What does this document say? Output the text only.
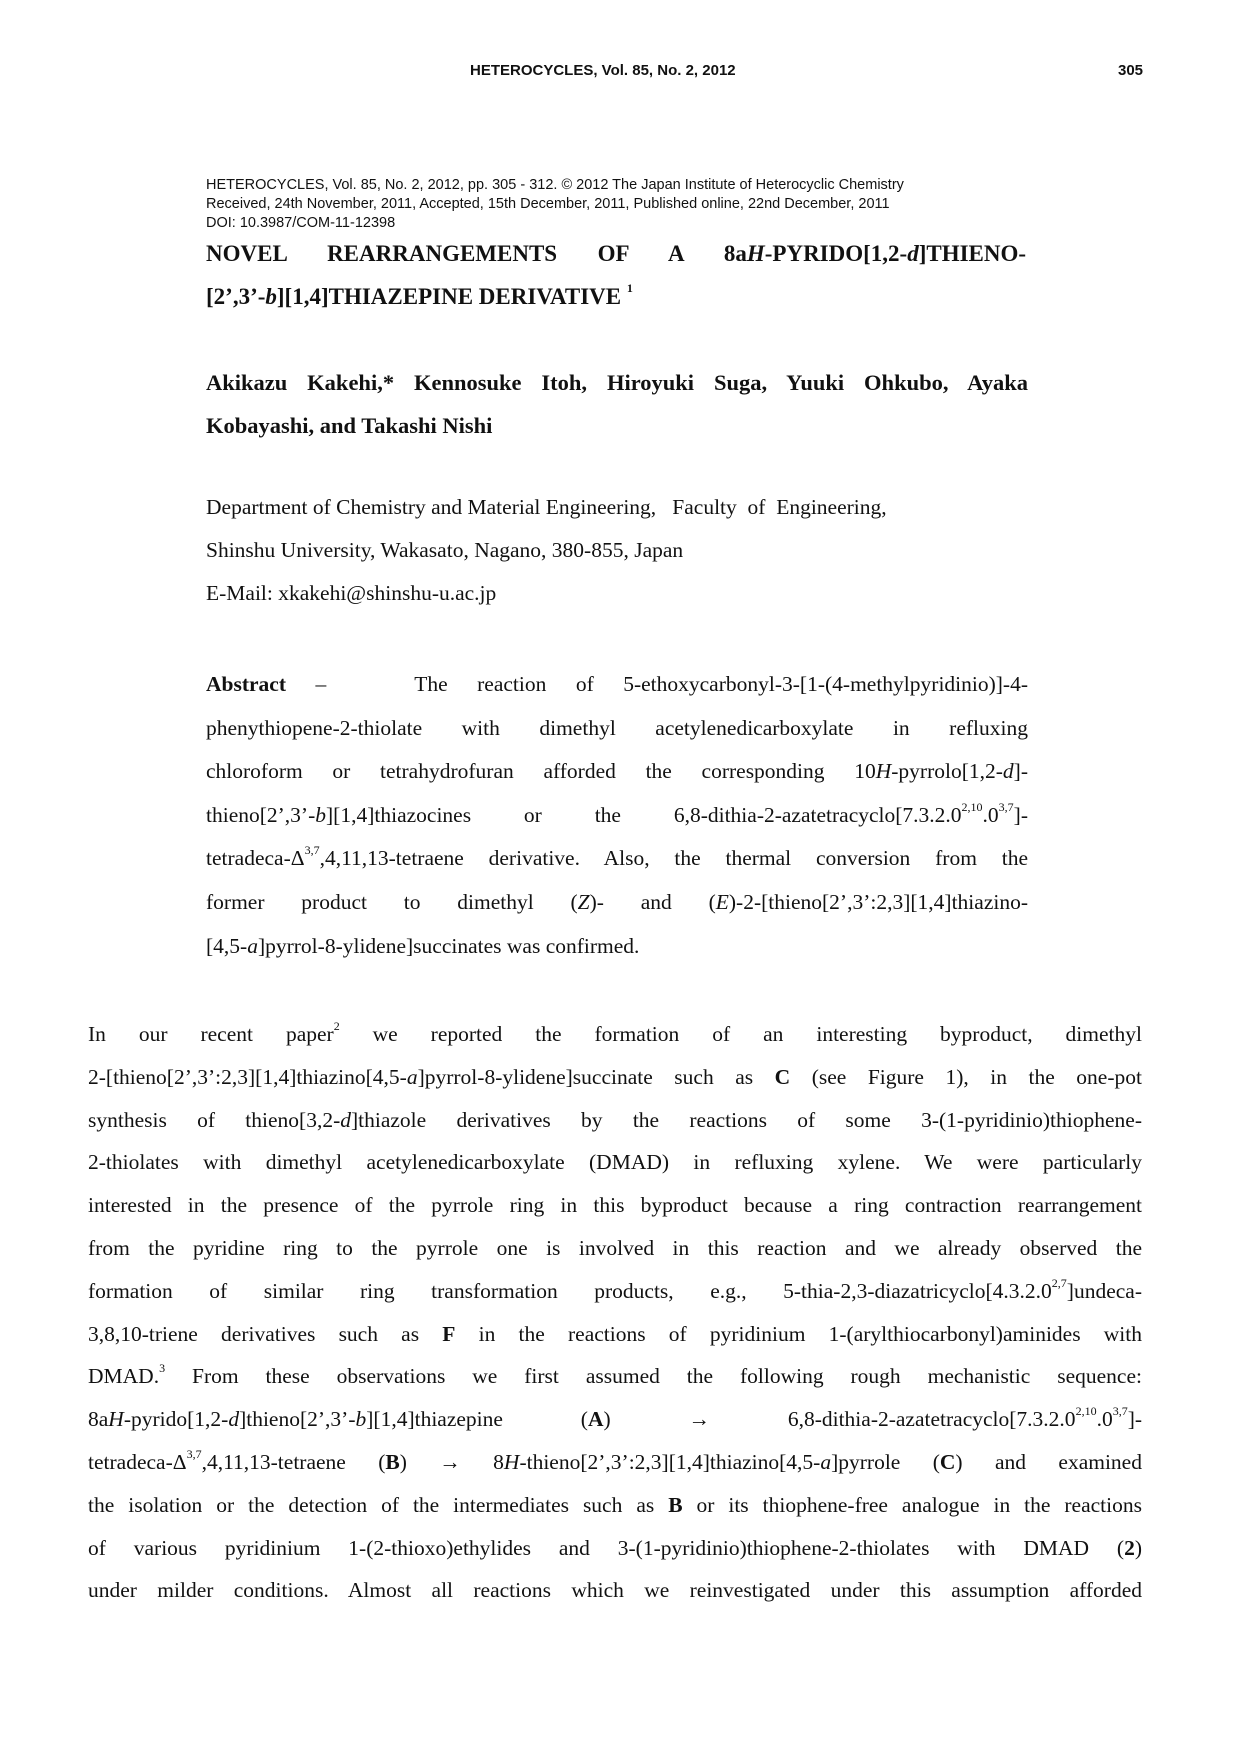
HETEROCYCLES, Vol. 85, No. 2, 2012	305
HETEROCYCLES, Vol. 85, No. 2, 2012, pp. 305 - 312. © 2012 The Japan Institute of Heterocyclic Chemistry
Received, 24th November, 2011, Accepted, 15th December, 2011, Published online, 22nd December, 2011
DOI: 10.3987/COM-11-12398
NOVEL REARRANGEMENTS OF A 8aH-PYRIDO[1,2-d]THIENO-
[2’,3’-b][1,4]THIAZEPINE DERIVATIVE $^1$
Akikazu Kakehi,* Kennosuke Itoh, Hiroyuki Suga, Yuuki Ohkubo, Ayaka
Kobayashi, and Takashi Nishi
Department of Chemistry and Material Engineering,   Faculty  of  Engineering,
Shinshu University, Wakasato, Nagano, 380-855, Japan
E-Mail: xkakehi@shinshu-u.ac.jp
Abstract –   The reaction of 5-ethoxycarbonyl-3-[1-(4-methylpyridinio)]-4-
phenythiopene-2-thiolate with dimethyl acetylenedicarboxylate in refluxing
chloroform or tetrahydrofuran afforded the corresponding 10H-pyrrolo[1,2-d]-
thieno[2’,3’-b][1,4]thiazocines or the 6,8-dithia-2-azatetracyclo[7.3.2.0$^{2,10}$.0$^{3,7}$]-
tetradeca-$\Delta^{3,7},4,11,13$-tetraene derivative. Also, the thermal conversion from the
former product to dimethyl (Z)- and (E)-2-[thieno[2’,3’:2,3][1,4]thiazino-
[4,5-a]pyrrol-8-ylidene]succinates was confirmed.
In our recent paper$^2$ we reported the formation of an interesting byproduct, dimethyl
2-[thieno[2’,3’:2,3][1,4]thiazino[4,5-a]pyrrol-8-ylidene]succinate such as C (see Figure 1), in the one-pot
synthesis of thieno[3,2-d]thiazole derivatives by the reactions of some 3-(1-pyridinio)thiophene-
2-thiolates with dimethyl acetylenedicarboxylate (DMAD) in refluxing xylene. We were particularly
interested in the presence of the pyrrole ring in this byproduct because a ring contraction rearrangement
from the pyridine ring to the pyrrole one is involved in this reaction and we already observed the
formation of similar ring transformation products, e.g., 5-thia-2,3-diazatricyclo[4.3.2.0$^{2,7}$]undeca-
3,8,10-triene derivatives such as F in the reactions of pyridinium 1-(arylthiocarbonyl)aminides with
DMAD.$^3$ From these observations we first assumed the following rough mechanistic sequence:
8aH-pyrido[1,2-d]thieno[2’,3’-b][1,4]thiazepine $(A) \to 6,8-dithia-2-azatetracyclo[7.3.2.0^{2,10}.0^{3,7}]-$
tetradeca-$\Delta^{3,7},4,11,13$-tetraene (B) → 8H-thieno[2’,3’:2,3][1,4]thiazino[4,5-a]pyrrole (C) and examined
the isolation or the detection of the intermediates such as B or its thiophene-free analogue in the reactions
of various pyridinium 1-(2-thioxo)ethylides and 3-(1-pyridinio)thiophene-2-thiolates with DMAD (2)
under milder conditions. Almost all reactions which we reinvestigated under this assumption afforded
